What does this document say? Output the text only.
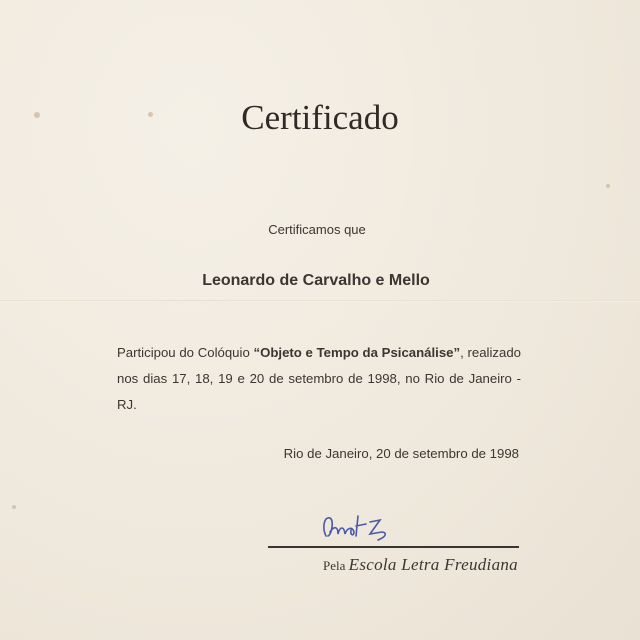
Certificado
Certificamos que
Leonardo de Carvalho e Mello
Participou do Colóquio “Objeto e Tempo da Psicanálise”, realizado nos dias 17, 18, 19 e 20 de setembro de 1998, no Rio de Janeiro - RJ.
Rio de Janeiro, 20 de setembro de 1998
Pela Escola Letra Freudiana
